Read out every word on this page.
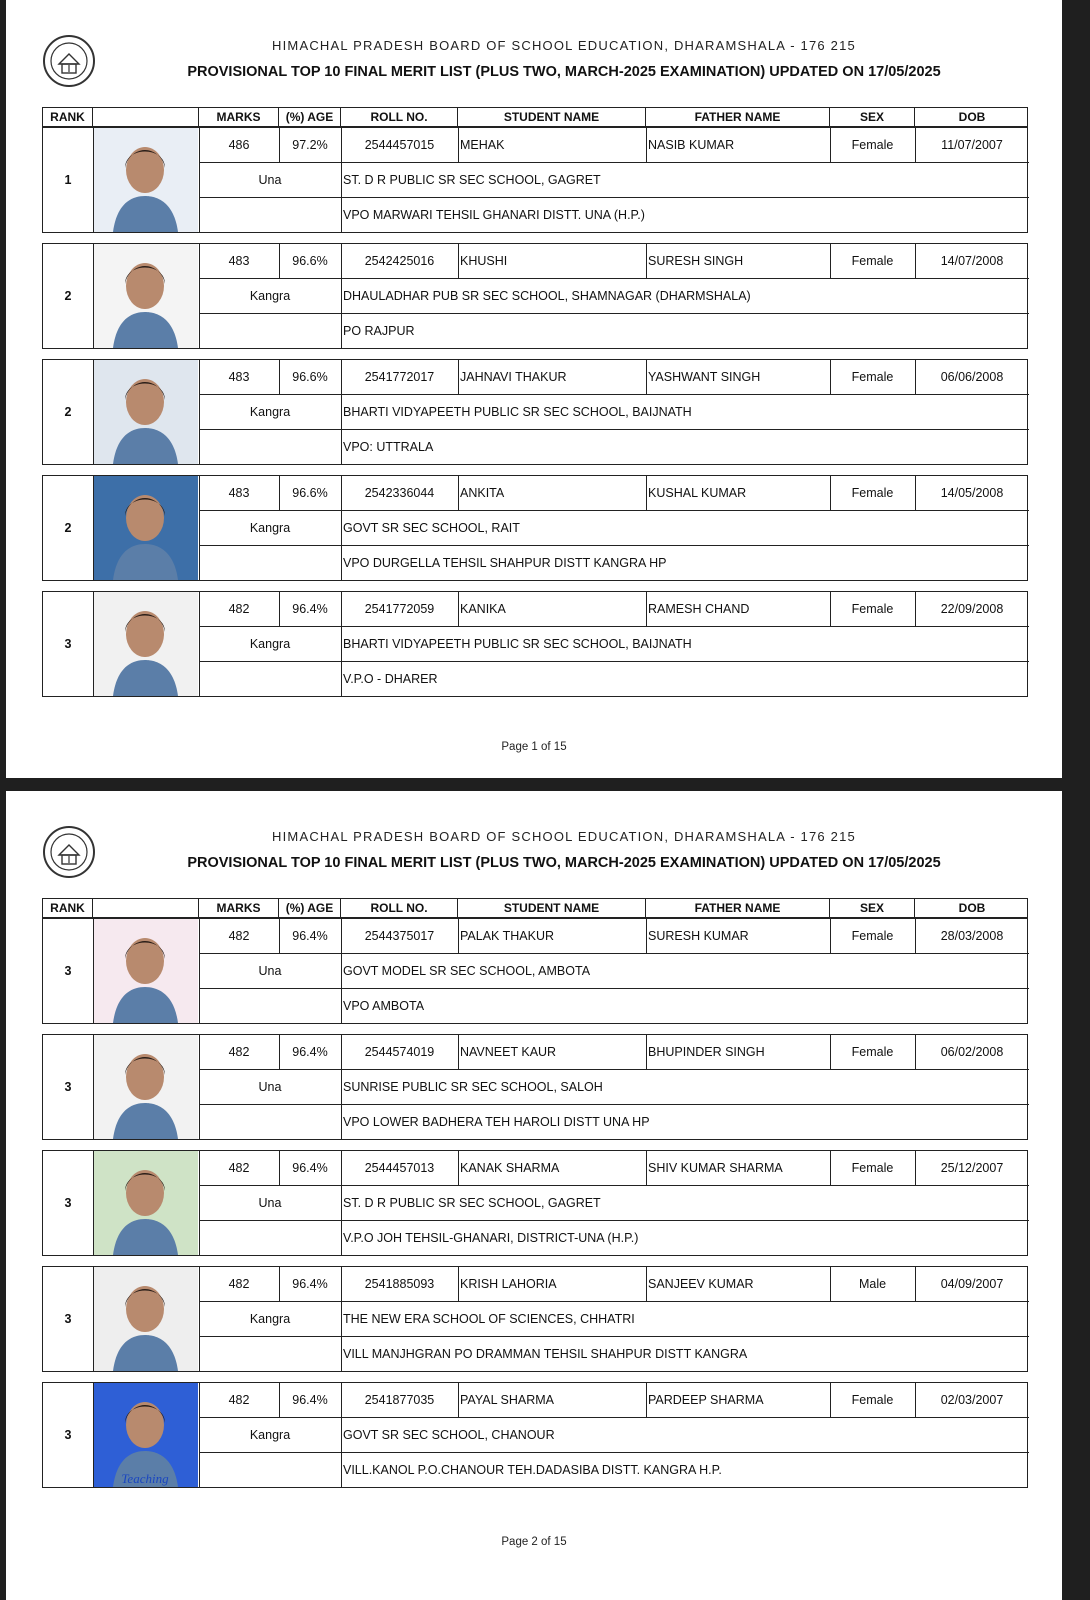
HIMACHAL PRADESH BOARD OF SCHOOL EDUCATION, DHARAMSHALA - 176 215
PROVISIONAL TOP 10 FINAL MERIT LIST (PLUS TWO, MARCH-2025 EXAMINATION) UPDATED ON 17/05/2025
RANK	MARKS	(%) AGE	ROLL NO.	STUDENT NAME	FATHER NAME	SEX	DOB
1
486	97.2%	2544457015	MEHAK	NASIB KUMAR	Female	11/07/2007
Una	ST. D R PUBLIC SR SEC SCHOOL, GAGRET
VPO MARWARI TEHSIL GHANARI DISTT. UNA (H.P.)
2
483	96.6%	2542425016	KHUSHI	SURESH SINGH	Female	14/07/2008
Kangra	DHAULADHAR PUB SR SEC SCHOOL, SHAMNAGAR (DHARMSHALA)
PO RAJPUR
2
483	96.6%	2541772017	JAHNAVI THAKUR	YASHWANT SINGH	Female	06/06/2008
Kangra	BHARTI VIDYAPEETH PUBLIC SR SEC SCHOOL, BAIJNATH
VPO: UTTRALA
2
483	96.6%	2542336044	ANKITA	KUSHAL KUMAR	Female	14/05/2008
Kangra	GOVT SR SEC SCHOOL, RAIT
VPO DURGELLA TEHSIL SHAHPUR DISTT KANGRA HP
3
482	96.4%	2541772059	KANIKA	RAMESH CHAND	Female	22/09/2008
Kangra	BHARTI VIDYAPEETH PUBLIC SR SEC SCHOOL, BAIJNATH
V.P.O - DHARER
Page 1 of 15
HIMACHAL PRADESH BOARD OF SCHOOL EDUCATION, DHARAMSHALA - 176 215
PROVISIONAL TOP 10 FINAL MERIT LIST (PLUS TWO, MARCH-2025 EXAMINATION) UPDATED ON 17/05/2025
RANK	MARKS	(%) AGE	ROLL NO.	STUDENT NAME	FATHER NAME	SEX	DOB
3
482	96.4%	2544375017	PALAK THAKUR	SURESH KUMAR	Female	28/03/2008
Una	GOVT MODEL SR SEC SCHOOL, AMBOTA
VPO AMBOTA
3
482	96.4%	2544574019	NAVNEET KAUR	BHUPINDER SINGH	Female	06/02/2008
Una	SUNRISE PUBLIC SR SEC SCHOOL, SALOH
VPO LOWER BADHERA TEH HAROLI DISTT UNA HP
3
482	96.4%	2544457013	KANAK SHARMA	SHIV KUMAR SHARMA	Female	25/12/2007
Una	ST. D R PUBLIC SR SEC SCHOOL, GAGRET
V.P.O JOH TEHSIL-GHANARI, DISTRICT-UNA (H.P.)
3
482	96.4%	2541885093	KRISH LAHORIA	SANJEEV KUMAR	Male	04/09/2007
Kangra	THE NEW ERA SCHOOL OF SCIENCES, CHHATRI
VILL MANJHGRAN PO DRAMMAN TEHSIL SHAHPUR DISTT KANGRA
3
Teaching
482	96.4%	2541877035	PAYAL SHARMA	PARDEEP SHARMA	Female	02/03/2007
Kangra	GOVT SR SEC SCHOOL, CHANOUR
VILL.KANOL P.O.CHANOUR TEH.DADASIBA DISTT. KANGRA H.P.
Page 2 of 15
